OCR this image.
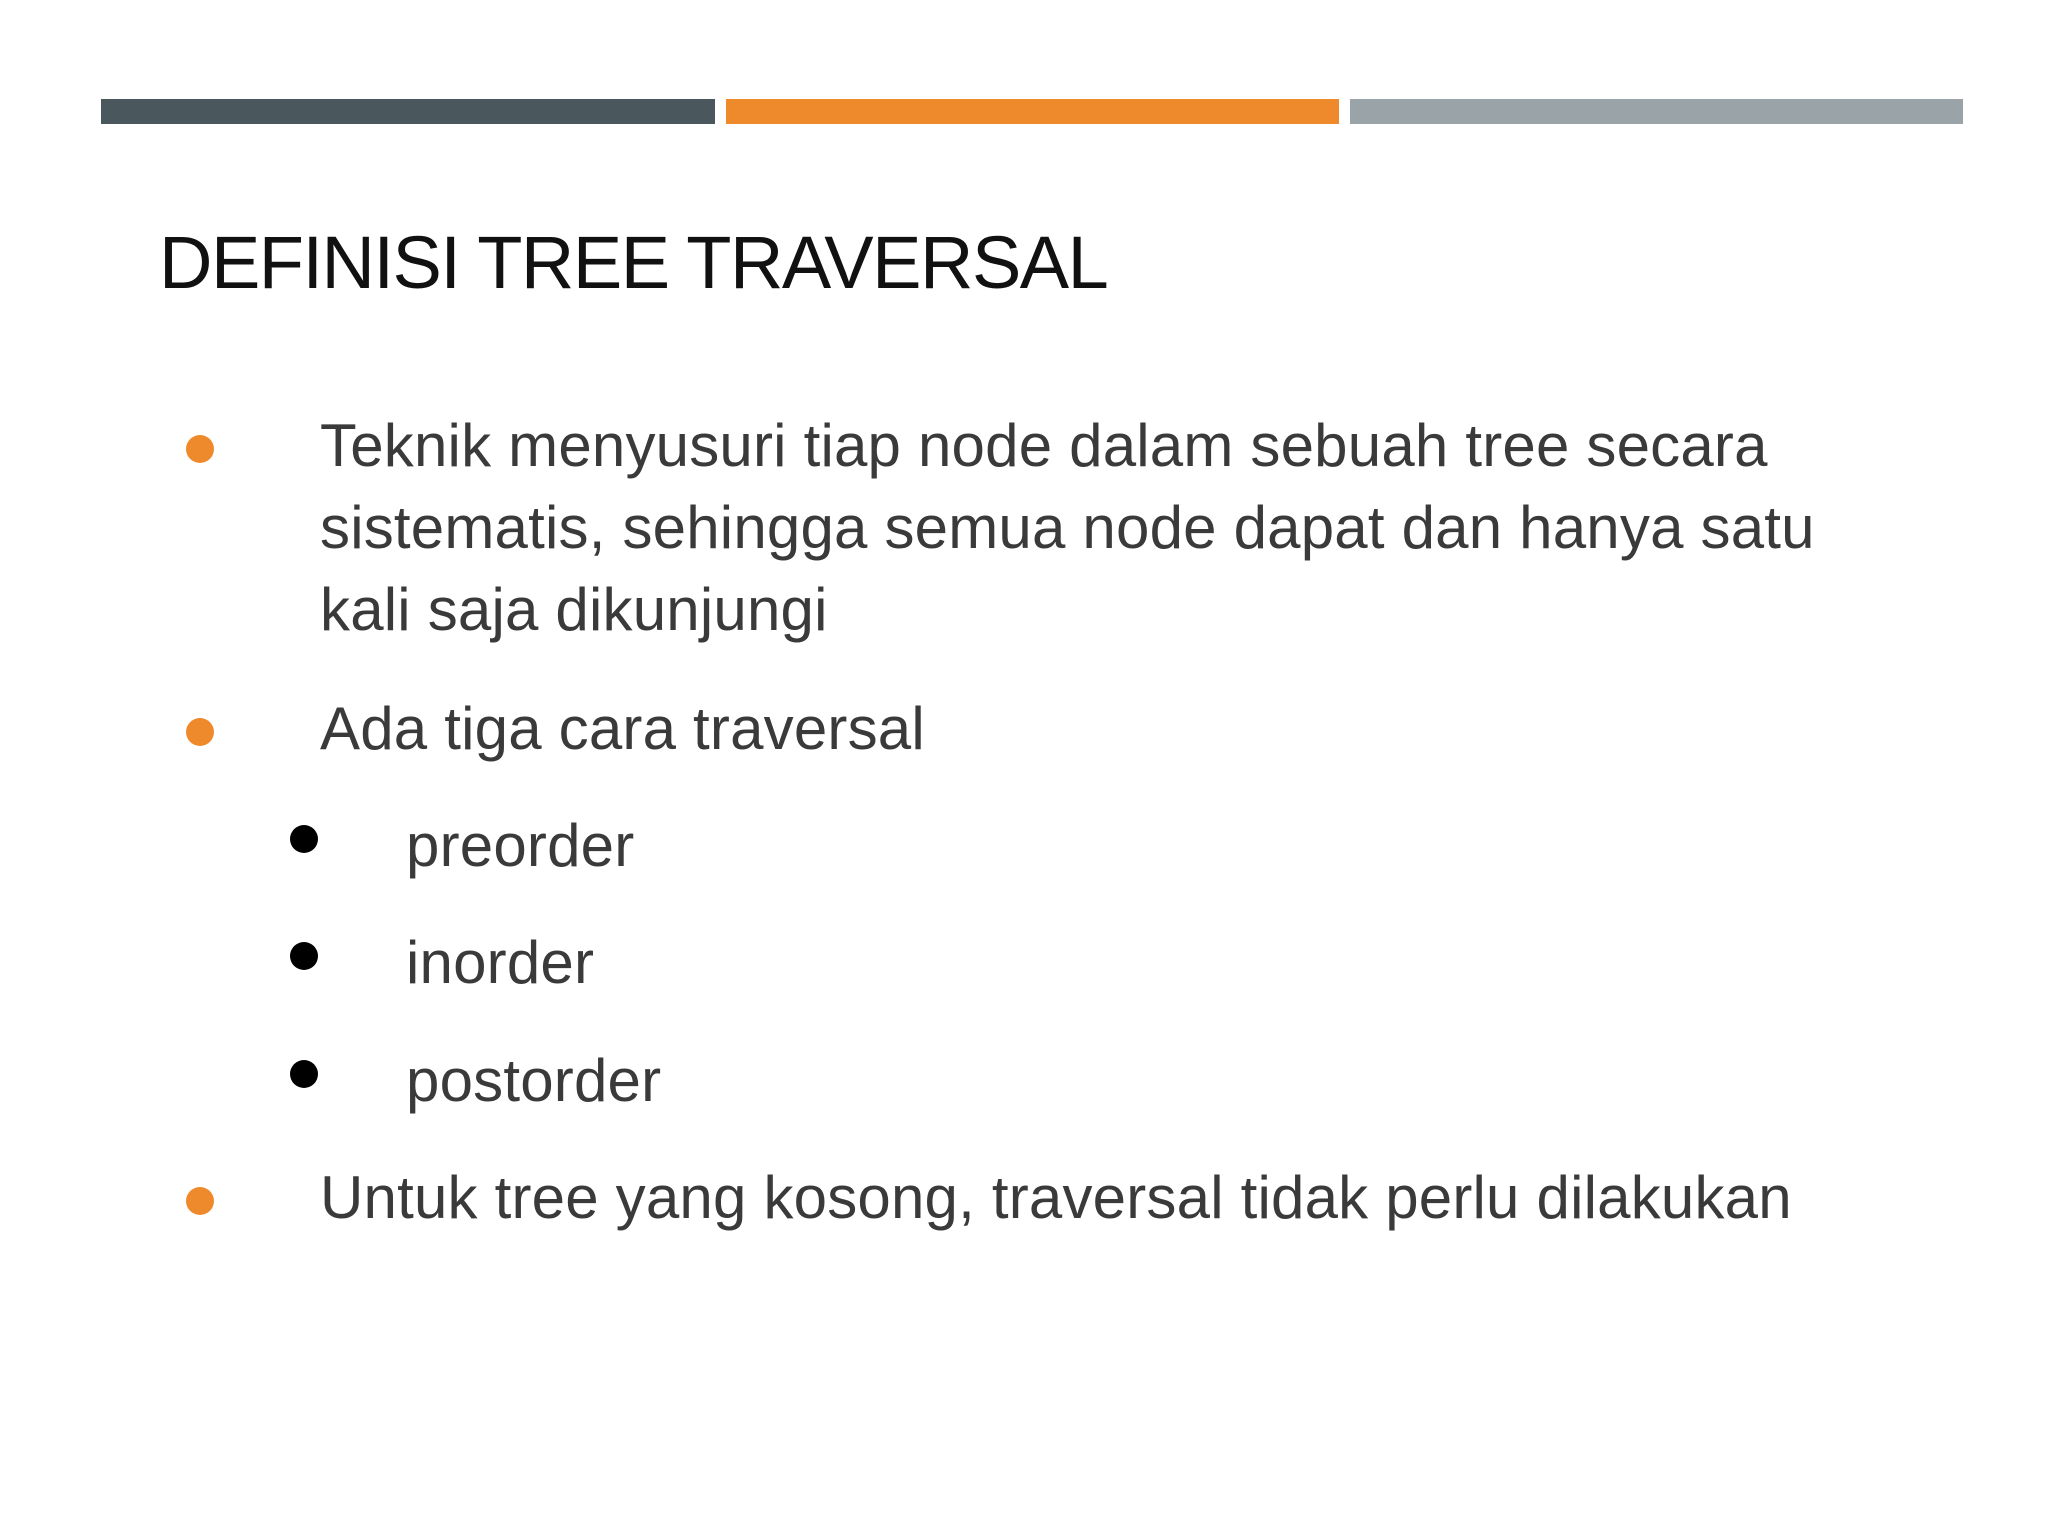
DEFINISI TREE TRAVERSAL
Teknik menyusuri tiap node dalam sebuah tree secara sistematis, sehingga semua node dapat dan hanya satu kali saja dikunjungi
Ada tiga cara traversal
preorder
inorder
postorder
Untuk tree yang kosong, traversal tidak perlu dilakukan
